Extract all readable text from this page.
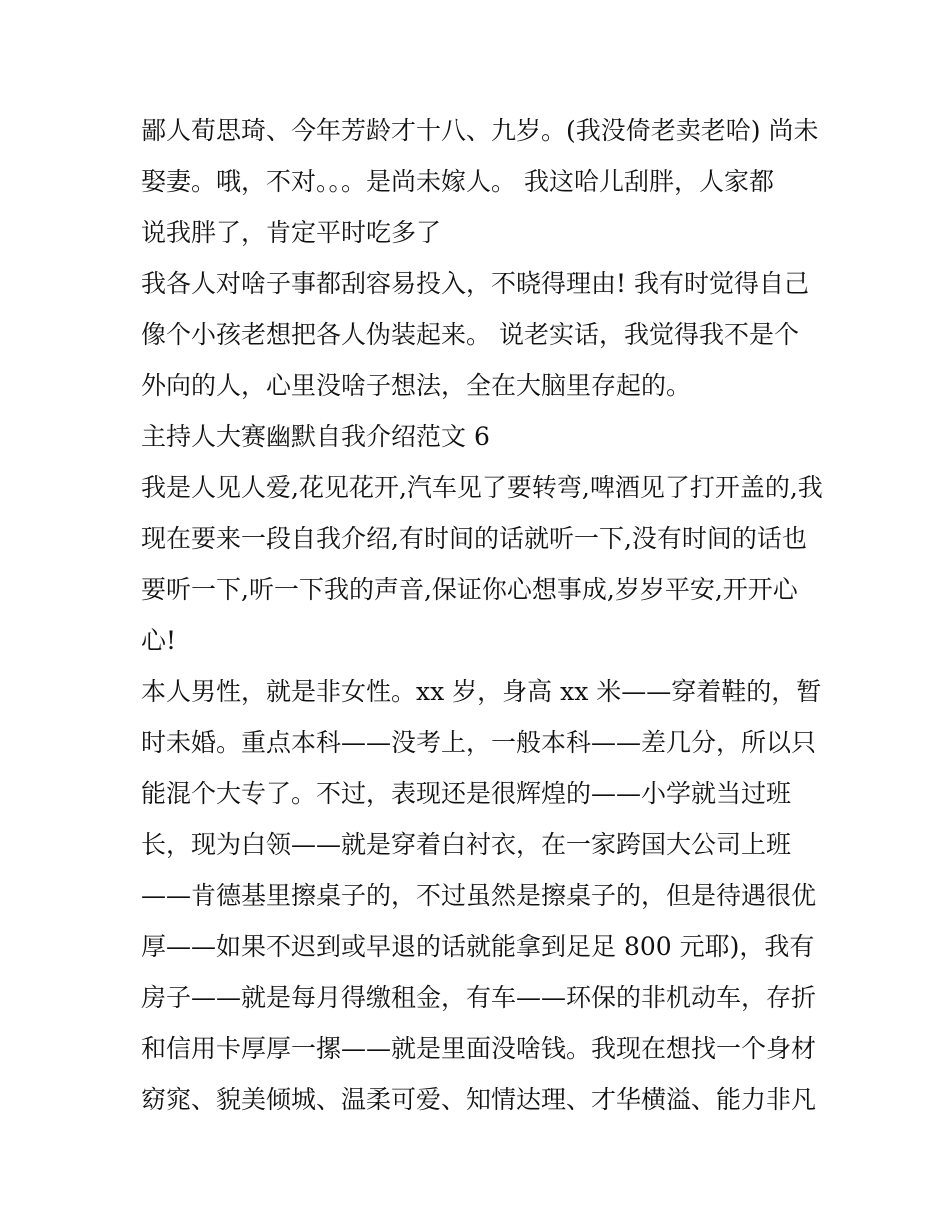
鄙人荀思琦、今年芳龄才十八、九岁。(我没倚老卖老哈) 尚未
娶妻。哦，不对。。。是尚未嫁人。 我这哈儿刮胖，人家都
说我胖了，肯定平时吃多了
我各人对啥子事都刮容易投入，不晓得理由! 我有时觉得自己
像个小孩老想把各人伪装起来。 说老实话，我觉得我不是个
外向的人，心里没啥子想法，全在大脑里存起的。
主持人大赛幽默自我介绍范文 6
我是人见人爱,花见花开,汽车见了要转弯,啤酒见了打开盖的,我
现在要来一段自我介绍,有时间的话就听一下,没有时间的话也
要听一下,听一下我的声音,保证你心想事成,岁岁平安,开开心
心!
本人男性，就是非女性。xx 岁，身高 xx 米——穿着鞋的，暂
时未婚。重点本科——没考上，一般本科——差几分，所以只
能混个大专了。不过，表现还是很辉煌的——小学就当过班
长，现为白领——就是穿着白衬衣，在一家跨国大公司上班
——肯德基里擦桌子的，不过虽然是擦桌子的，但是待遇很优
厚——如果不迟到或早退的话就能拿到足足 800 元耶)，我有
房子——就是每月得缴租金，有车——环保的非机动车，存折
和信用卡厚厚一摞——就是里面没啥钱。我现在想找一个身材
窈窕、貌美倾城、温柔可爱、知情达理、才华横溢、能力非凡
